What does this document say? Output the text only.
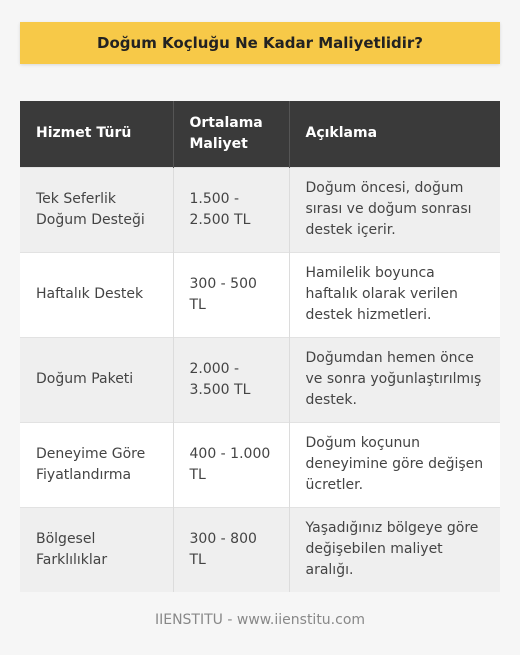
Doğum Koçluğu Ne Kadar Maliyetlidir?
Hizmet Türü	Ortalama Maliyet	Açıklama
Tek Seferlik Doğum Desteği	1.500 - 2.500 TL	Doğum öncesi, doğum sırası ve doğum sonrası destek içerir.
Haftalık Destek	300 - 500 TL	Hamilelik boyunca haftalık olarak verilen destek hizmetleri.
Doğum Paketi	2.000 - 3.500 TL	Doğumdan hemen önce ve sonra yoğunlaştırılmış destek.
Deneyime Göre Fiyatlandırma	400 - 1.000 TL	Doğum koçunun deneyimine göre değişen ücretler.
Bölgesel Farklılıklar	300 - 800 TL	Yaşadığınız bölgeye göre değişebilen maliyet aralığı.
IIENSTITU - www.iienstitu.com
